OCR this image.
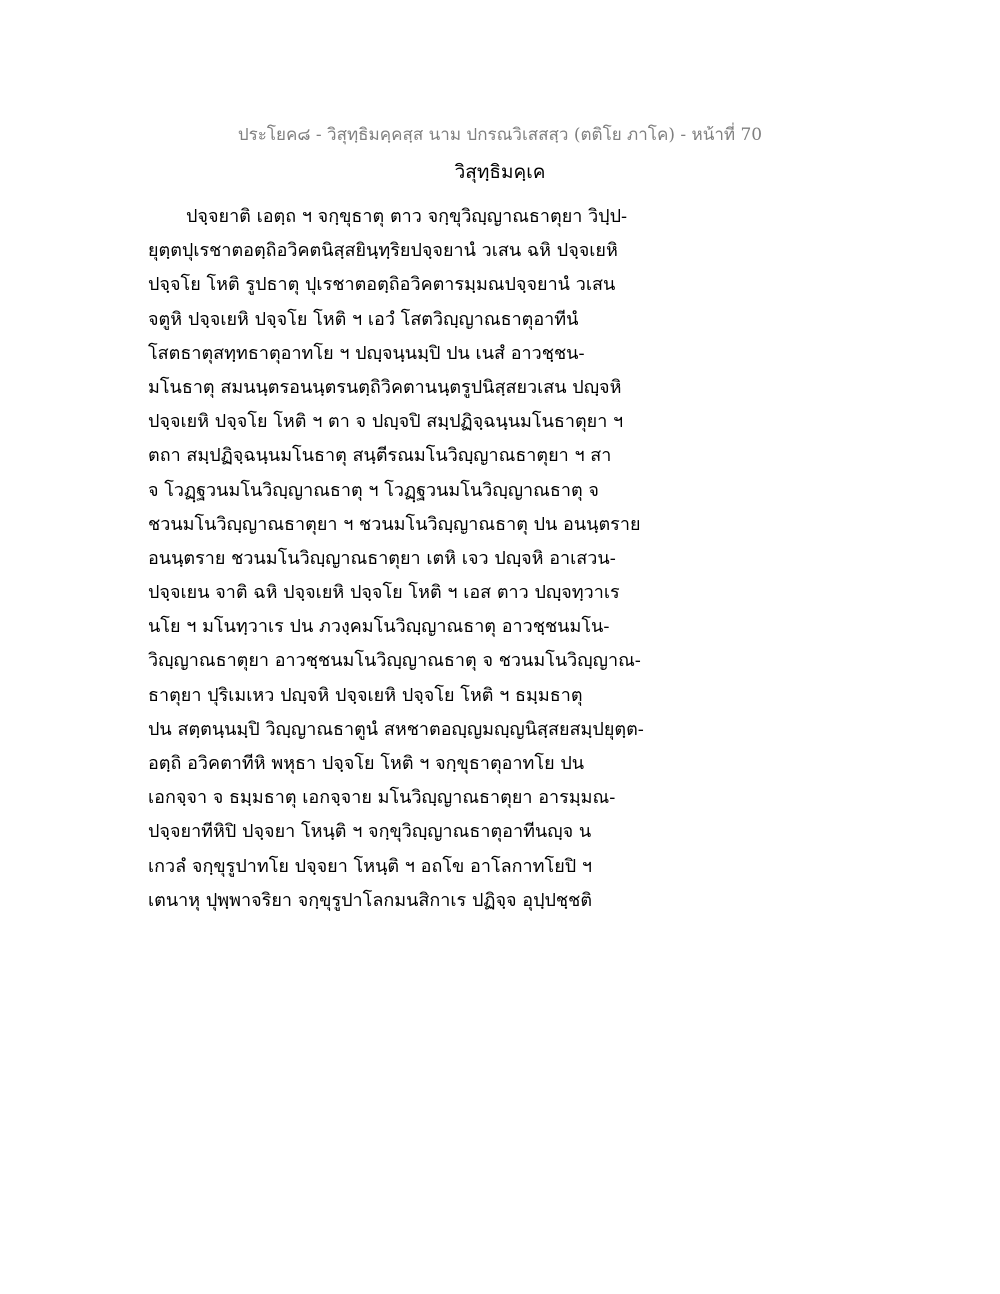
ประโยค๘ - วิสุทฺธิมคฺคสฺส นาม ปกรณวิเสสสฺว (ตติโย ภาโค) - หน้าที่ 70
วิสุทฺธิมคฺเค
ปจฺจยาติ เอตฺถ ฯ จกฺขุธาตุ ตาว จกฺขุวิญฺญาณธาตุยา วิปฺป-
ยุตฺตปุเรชาตอตฺถิอวิคตนิสฺสยินฺทฺริยปจฺจยานํ วเสน ฉหิ ปจฺจเยหิ
ปจฺจโย โหติ รูปธาตุ ปุเรชาตอตฺถิอวิคตารมฺมณปจฺจยานํ วเสน
จตูหิ ปจฺจเยหิ ปจฺจโย โหติ ฯ เอวํ โสตวิญฺญาณธาตุอาทีนํ
โสตธาตุสทฺทธาตุอาทโย ฯ ปญฺจนฺนมฺปิ ปน เนสํ อาวชฺชน-
มโนธาตุ สมนนฺตรอนนฺตรนตฺถิวิคตานนฺตรูปนิสฺสยวเสน ปญฺจหิ
ปจฺจเยหิ ปจฺจโย โหติ ฯ ตา จ ปญฺจปิ สมฺปฏิจฺฉนฺนมโนธาตุยา ฯ
ตถา สมฺปฏิจฺฉนฺนมโนธาตุ สนฺตีรณมโนวิญฺญาณธาตุยา ฯ สา
จ โวฏฺฐวนมโนวิญฺญาณธาตุ ฯ โวฏฺฐวนมโนวิญฺญาณธาตุ จ
ชวนมโนวิญฺญาณธาตุยา ฯ ชวนมโนวิญฺญาณธาตุ ปน อนนฺตราย
อนนฺตราย ชวนมโนวิญฺญาณธาตุยา เตหิ เจว ปญฺจหิ อาเสวน-
ปจฺจเยน จาติ ฉหิ ปจฺจเยหิ ปจฺจโย โหติ ฯ เอส ตาว ปญฺจทฺวาเร
นโย ฯ มโนทฺวาเร ปน ภวงฺคมโนวิญฺญาณธาตุ อาวชฺชนมโน-
วิญฺญาณธาตุยา อาวชฺชนมโนวิญฺญาณธาตุ จ ชวนมโนวิญฺญาณ-
ธาตุยา ปุริเมเหว ปญฺจหิ ปจฺจเยหิ ปจฺจโย โหติ ฯ ธมฺมธาตุ
ปน สตฺตนฺนมฺปิ วิญฺญาณธาตูนํ สหชาตอญฺญมญฺญนิสฺสยสมฺปยุตฺต-
อตฺถิ อวิคตาทีหิ พหุธา ปจฺจโย โหติ ฯ จกฺขุธาตุอาทโย ปน
เอกจฺจา จ ธมฺมธาตุ เอกจฺจาย มโนวิญฺญาณธาตุยา อารมฺมณ-
ปจฺจยาทีหิปิ ปจฺจยา โหนฺติ ฯ จกฺขุวิญฺญาณธาตุอาทีนญฺจ น
เกวลํ จกฺขุรูปาทโย ปจฺจยา โหนฺติ ฯ อถโข อาโลกาทโยปิ ฯ
เตนาหุ ปุพฺพาจริยา จกฺขุรูปาโลกมนสิกาเร ปฏิจฺจ อุปฺปชฺชติ
